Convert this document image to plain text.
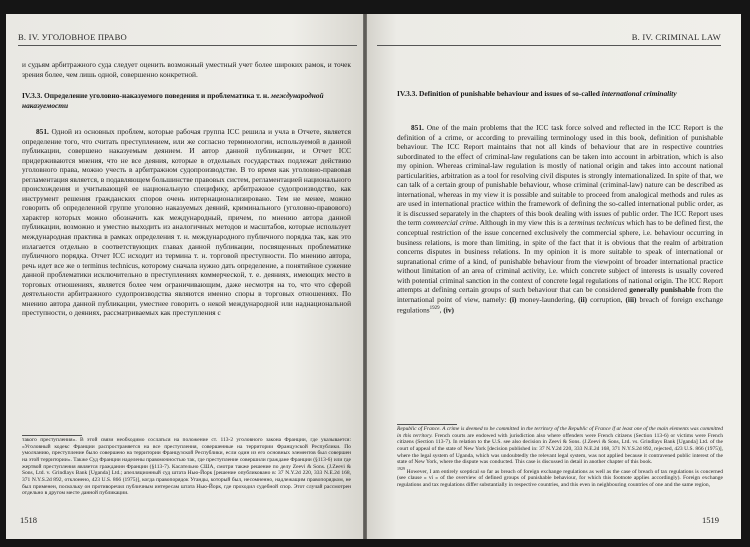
B. IV. УГОЛОВНОЕ ПРАВО
и судьям арбитражного суда следует оценить возможный уместный учет более широких рамок, и точек зрения более, чем лишь одной, совершенно конкретной.
IV.3.3. Определение уголовно-наказуемого поведения и проблематика т. н. международной наказуемости
851. Одной из основных проблем, которые рабочая группа ICC решила и учла в Отчете, является определение того, что считать преступлением, или же согласно терминологии, используемой в данной публикации, совершено наказуемым деянием. И автор данной публикации, и Отчет ICC придерживаются мнения, что не все деяния, которые в отдельных государствах подлежат действию уголовного права, можно учесть в арбитражном судопроизводстве. В то время как уголовно-правовая регламентация является, в подавляющем большинстве правовых систем, регламентацией национального происхождения и учитывающей ее национальную специфику, арбитражное судопроизводство, как инструмент решения гражданских споров очень интернационализировано. Тем не менее, можно говорить об определенной группе уголовно наказуемых деяний, криминального (уголовно-правового) характер которых можно обозначить как международный, причем, по мнению автора данной публикации, возможно и уместно выходить из аналогичных методов и масштабов, которые использует международная практика в рамках определения т. н. международного публичного порядка так, как это излагается отдельно в соответствующих главах данной публикации, посвященных проблематике публичного порядка. Отчет ICC исходит из термина т. н. торговой преступности. По мнению автора, речь идет все же о terminus technicus, которому сначала нужно дать определение, а понятийное сужение данной проблематики исключительно в преступлениях коммерческой, т. е. деяниях, имеющих место в торговых отношениях, является более чем ограничивающим, даже несмотря на то, что что сферой деятельности арбитражного судопроизводства являются именно споры в торговых отношениях. По мнению автора данной публикации, уместнее говорить о некой международной или наднациональной преступности, о деяниях, рассматриваемых как преступления с
такого преступления». В этой связи необходимо сослаться на положение ст. 113-2 уголовного закона Франции, где указывается: «Уголовный кодекс Франции распространяется на все преступления, совершенные на территории Французской Республики. По умолчанию, преступление было совершено на территории Французской Республики, если один из его основных элементов был совершен на этой территории». Также Суд Франции наделены правомочностью так, где преступление совершили граждане Франции (§113-6) или где жертвой преступления является гражданин Франции (§113-7). Касательно США, смотри также решение по делу Zeevi & Sons. (J.Zeevi & Sons, Ltd. v. Grindlays Bank [Uganda] Ltd.; апелляционный суд штата Нью-Йорк [решение опубликовано в: 37 N.Y.2d 220, 333 N.E.2d 168, 371 N.Y.S.2d 892, отклонено, 423 U.S. 866 (1975)], когда правопорядок Уганды, который был, несомненно, надлежащим правопорядком, не был применен, поскольку он противоречил публичным интересам штата Нью-Йорк, где проходил судебной спор. Этот случай рассмотрен отдельно в другом месте данной публикации.
1518
B. IV. CRIMINAL LAW
IV.3.3. Definition of punishable behaviour and issues of so-called international criminality
851. One of the main problems that the ICC task force solved and reflected in the ICC Report is the definition of a crime, or according to prevailing terminology used in this book, definition of punishable behaviour. The ICC Report maintains that not all kinds of behaviour that are in respective countries subordinated to the effect of criminal-law regulations can be taken into account in arbitration, which is also my opinion. Whereas criminal-law regulation is mostly of national origin and takes into account national particularities, arbitration as a tool for resolving civil disputes is strongly internationalized. In spite of that, we can talk of a certain group of punishable behaviour, whose criminal (criminal-law) nature can be described as international, whereas in my view it is possible and suitable to proceed from analogical methods and rules as are used in international practice within the framework of defining the so-called international public order, as it is discussed separately in the chapters of this book dealing with issues of public order. The ICC Report uses the term commercial crime. Although in my view this is a terminus technicus which has to be defined first, the conceptual restriction of the issue concerned exclusively the commercial sphere, i.e. behaviour occurring in business relations, is more than limiting, in spite of the fact that it is obvious that the realm of arbitration concerns disputes in business relations. In my opinion it is more suitable to speak of international or supranational crime of a kind, of punishable behaviour from the viewpoint of broader international practice without limitation of an area of criminal activity, i.e. which concrete subject of interests is usually covered with potential criminal sanction in the context of concrete legal regulations of national origin. The ICC Report attempts at defining certain groups of such behaviour that can be considered generally punishable from the international point of view, namely: (i) money-laundering, (ii) corruption, (iii) breach of foreign exchange regulations$^{1929}$, (iv)
Republic of France. A crime is deemed to be committed in the territory of the Republic of France if at least one of the main elements was committed in this territory. French courts are endowed with jurisdiction also where offenders were French citizens (Section 113-6) or victims were French citizens (Section 113-7). In relation to the U.S. see also decision in Zeevi & Sons. (J.Zeevi & Sons, Ltd. vs. Grindlays Bank [Uganda] Ltd. of the court of appeal of the state of New York [decision published in: 37 N.Y.2d 220, 333 N.E.2d 168, 371 N.Y.S.2d 892, rejected, 423 U.S. 866 (1975)], where the legal system of Uganda, which was undoubtedly the relevant legal system, was not applied because it contravened public interest of the state of New York, where the dispute was conducted. This case is discussed in detail in another chapter of this book.
$^{1929}$ However, I am entirely sceptical so far as breach of foreign exchange regulations as well as the case of breach of tax regulations is concerned (see clause « vi » of the overview of defined groups of punishable behaviour, for which this footnote applies accordingly). Foreign exchange regulations and tax regulations differ substantially in respective countries, and this even in neighbouring countries of one and the same region,
1519
